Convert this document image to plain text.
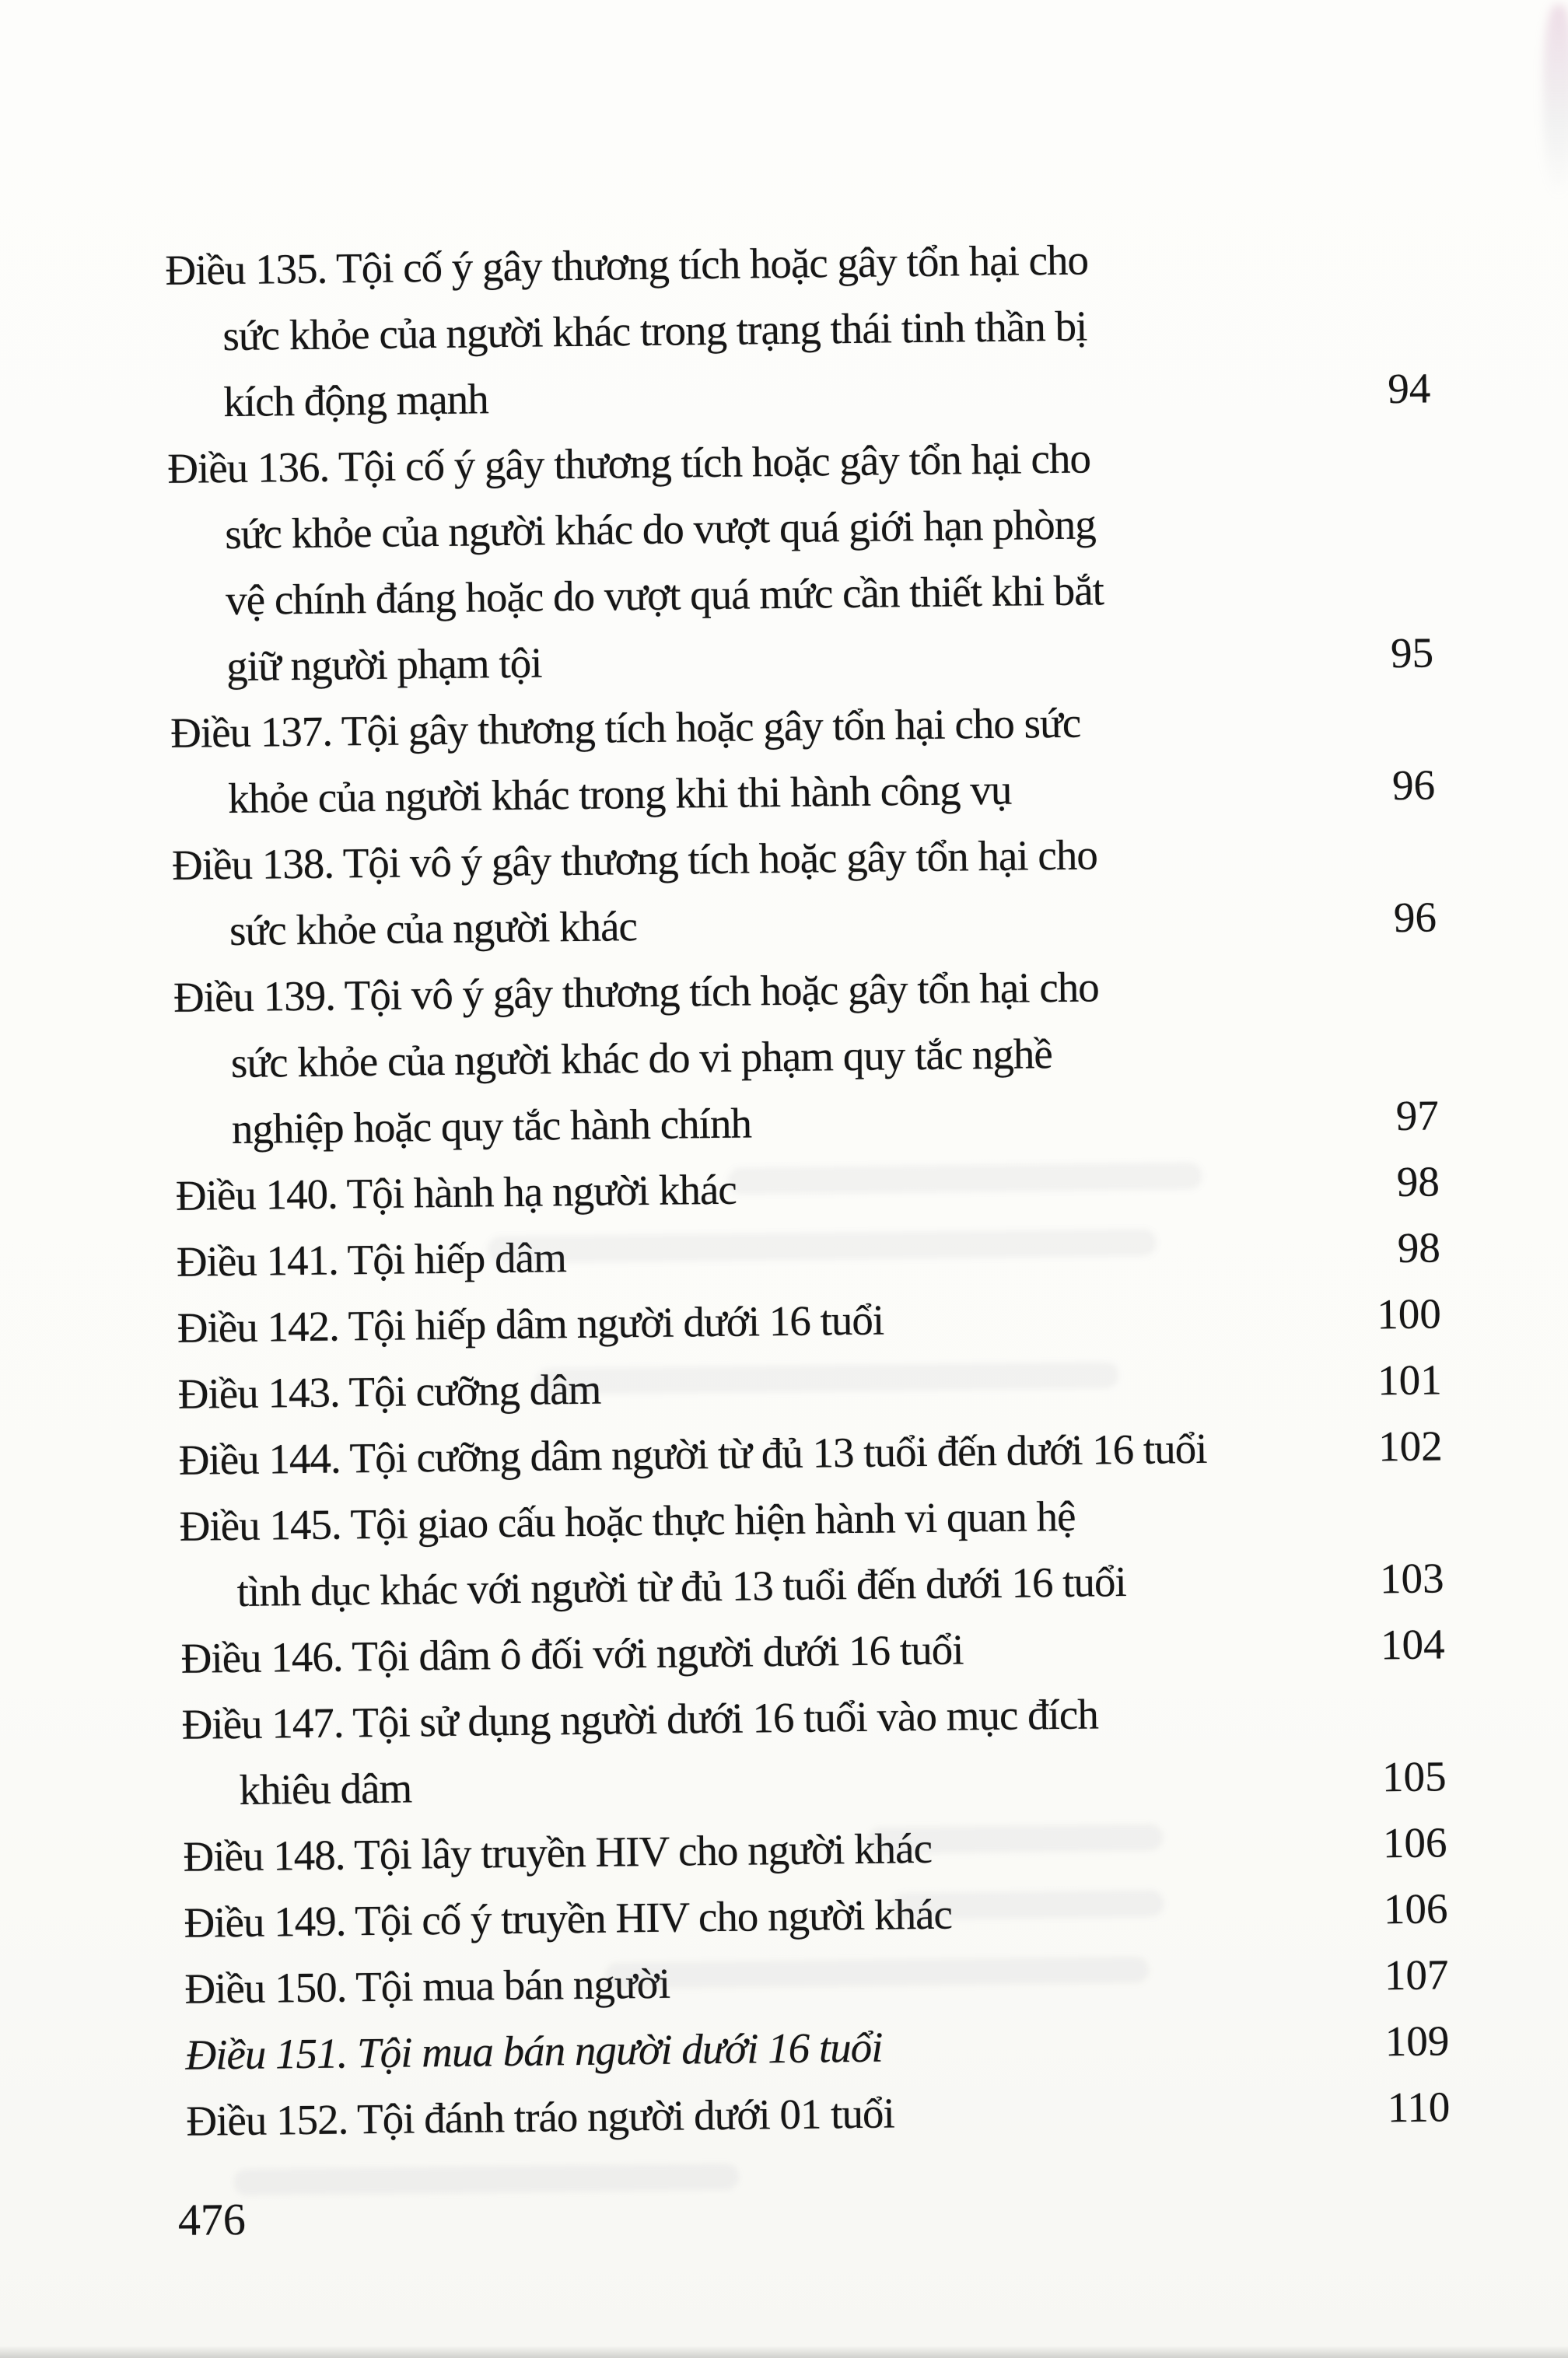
Điều 135. Tội cố ý gây thương tích hoặc gây tổn hại cho
sức khỏe của người khác trong trạng thái tinh thần bị
kích động mạnh	94
Điều 136. Tội cố ý gây thương tích hoặc gây tổn hại cho
sức khỏe của người khác do vượt quá giới hạn phòng
vệ chính đáng hoặc do vượt quá mức cần thiết khi bắt
giữ người phạm tội	95
Điều 137. Tội gây thương tích hoặc gây tổn hại cho sức
khỏe của người khác trong khi thi hành công vụ	96
Điều 138. Tội vô ý gây thương tích hoặc gây tổn hại cho
sức khỏe của người khác	96
Điều 139. Tội vô ý gây thương tích hoặc gây tổn hại cho
sức khỏe của người khác do vi phạm quy tắc nghề
nghiệp hoặc quy tắc hành chính	97
Điều 140. Tội hành hạ người khác	98
Điều 141. Tội hiếp dâm	98
Điều 142. Tội hiếp dâm người dưới 16 tuổi	100
Điều 143. Tội cưỡng dâm	101
Điều 144. Tội cưỡng dâm người từ đủ 13 tuổi đến dưới 16 tuổi	102
Điều 145. Tội giao cấu hoặc thực hiện hành vi quan hệ
tình dục khác với người từ đủ 13 tuổi đến dưới 16 tuổi	103
Điều 146. Tội dâm ô đối với người dưới 16 tuổi	104
Điều 147. Tội sử dụng người dưới 16 tuổi vào mục đích
khiêu dâm	105
Điều 148. Tội lây truyền HIV cho người khác	106
Điều 149. Tội cố ý truyền HIV cho người khác	106
Điều 150. Tội mua bán người	107
Điều 151. Tội mua bán người dưới 16 tuổi	109
Điều 152. Tội đánh tráo người dưới 01 tuổi	110
476
